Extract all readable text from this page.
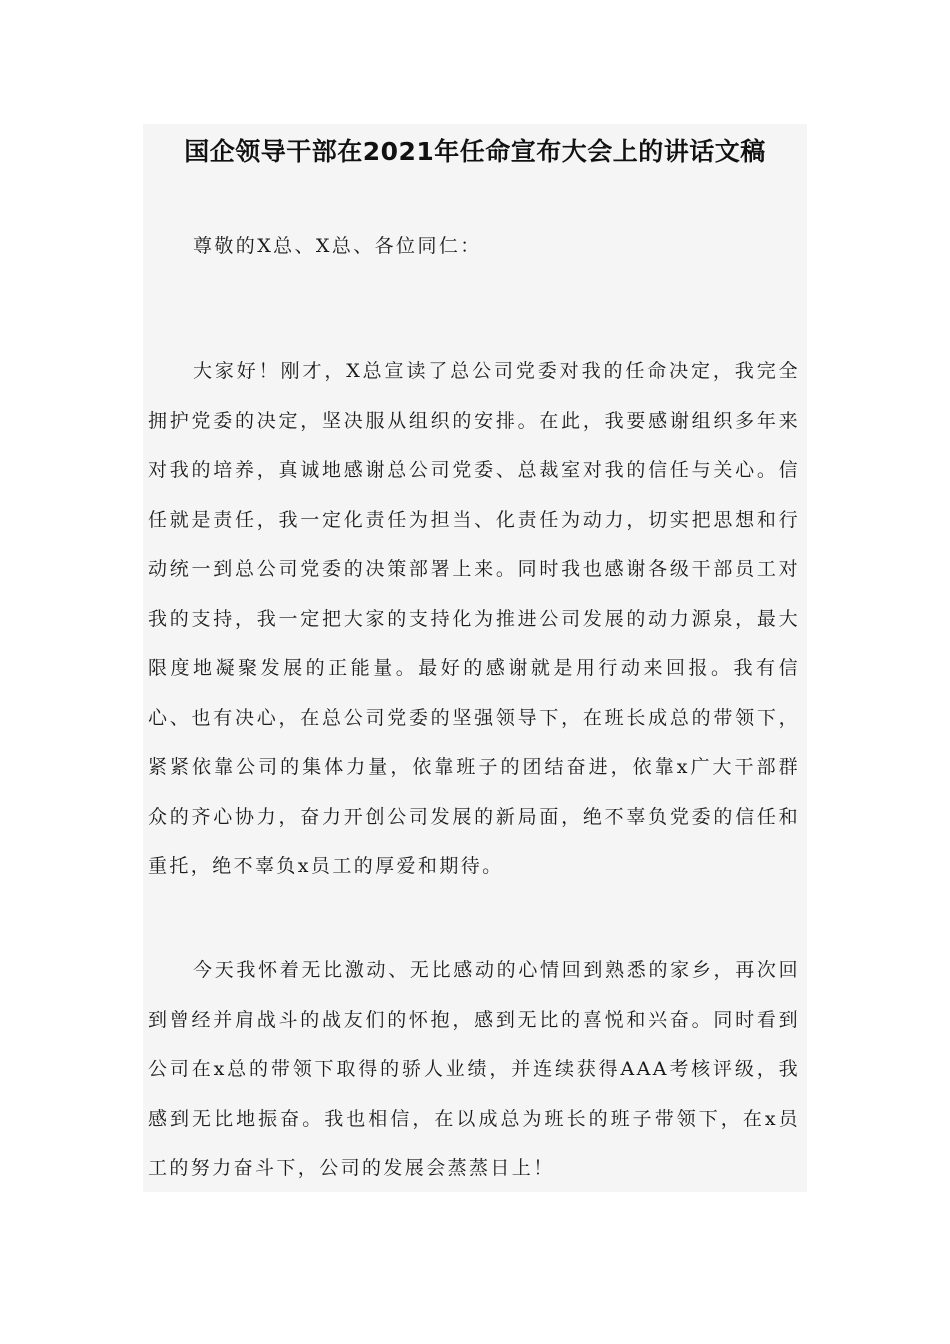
国企领导干部在2021年任命宣布大会上的讲话文稿

尊敬的X总、X总、各位同仁：

大家好！刚才，X总宣读了总公司党委对我的任命决定，我完全拥护党委的决定，坚决服从组织的安排。在此，我要感谢组织多年来对我的培养，真诚地感谢总公司党委、总裁室对我的信任与关心。信任就是责任，我一定化责任为担当、化责任为动力，切实把思想和行动统一到总公司党委的决策部署上来。同时我也感谢各级干部员工对我的支持，我一定把大家的支持化为推进公司发展的动力源泉，最大限度地凝聚发展的正能量。最好的感谢就是用行动来回报。我有信心、也有决心，在总公司党委的坚强领导下，在班长成总的带领下，紧紧依靠公司的集体力量，依靠班子的团结奋进，依靠x广大干部群众的齐心协力，奋力开创公司发展的新局面，绝不辜负党委的信任和重托，绝不辜负x员工的厚爱和期待。

今天我怀着无比激动、无比感动的心情回到熟悉的家乡，再次回到曾经并肩战斗的战友们的怀抱，感到无比的喜悦和兴奋。同时看到公司在x总的带领下取得的骄人业绩，并连续获得AAA考核评级，我感到无比地振奋。我也相信，在以成总为班长的班子带领下，在x员工的努力奋斗下，公司的发展会蒸蒸日上！
